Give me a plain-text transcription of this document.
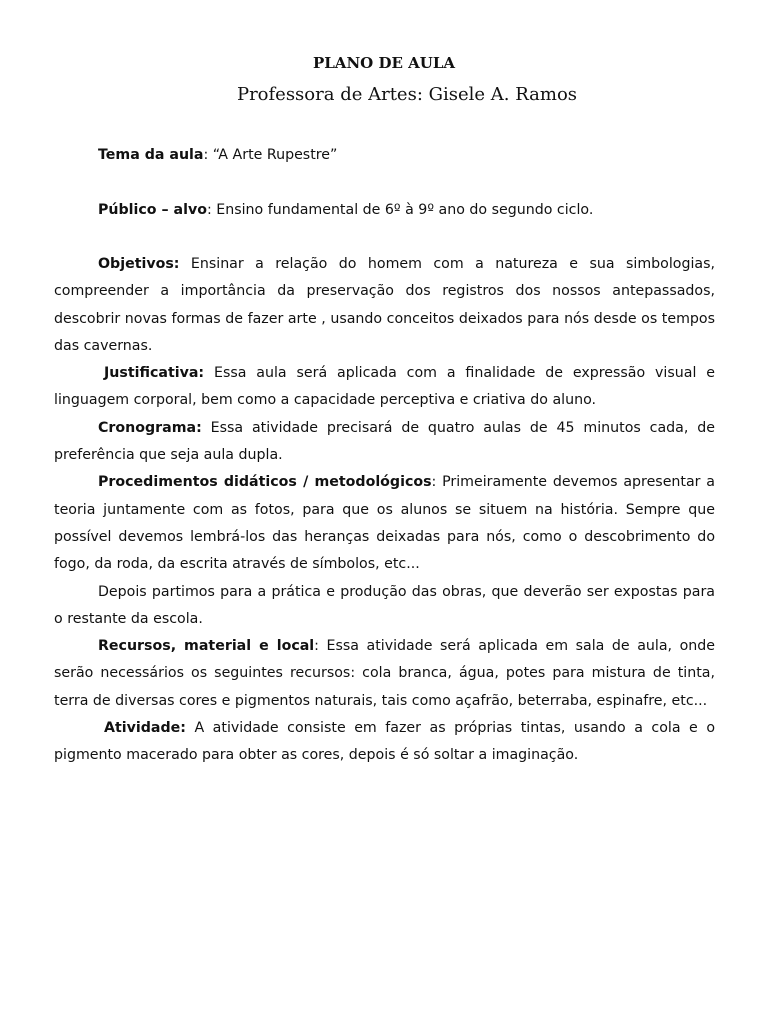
PLANO DE AULA
Professora de Artes: Gisele A. Ramos
Tema da aula: “A Arte Rupestre”
Público – alvo: Ensino fundamental de 6º à 9º ano do segundo ciclo.

Objetivos: Ensinar a relação do homem com a natureza e sua simbologias, compreender a importância da preservação dos registros dos nossos antepassados, descobrir novas formas de fazer arte , usando conceitos deixados para nós desde os tempos das cavernas.

Justificativa: Essa aula será aplicada com a finalidade de expressão visual e linguagem corporal, bem como a capacidade perceptiva e criativa do aluno.

Cronograma: Essa atividade precisará de quatro aulas de 45 minutos cada, de preferência que seja aula dupla.

Procedimentos didáticos / metodológicos: Primeiramente devemos apresentar a teoria juntamente com as fotos, para que os alunos se situem na história. Sempre que possível devemos lembrá-los das heranças deixadas para nós, como o descobrimento do fogo, da roda, da escrita através de símbolos, etc...

Depois partimos para a prática e produção das obras, que deverão ser expostas para o restante da escola.

Recursos, material e local: Essa atividade será aplicada em sala de aula, onde serão necessários os seguintes recursos: cola branca, água, potes para mistura de tinta, terra de diversas cores e pigmentos naturais, tais como açafrão, beterraba, espinafre, etc...

Atividade: A atividade consiste em fazer as próprias tintas, usando a cola e o pigmento macerado para obter as cores, depois é só soltar a imaginação.
